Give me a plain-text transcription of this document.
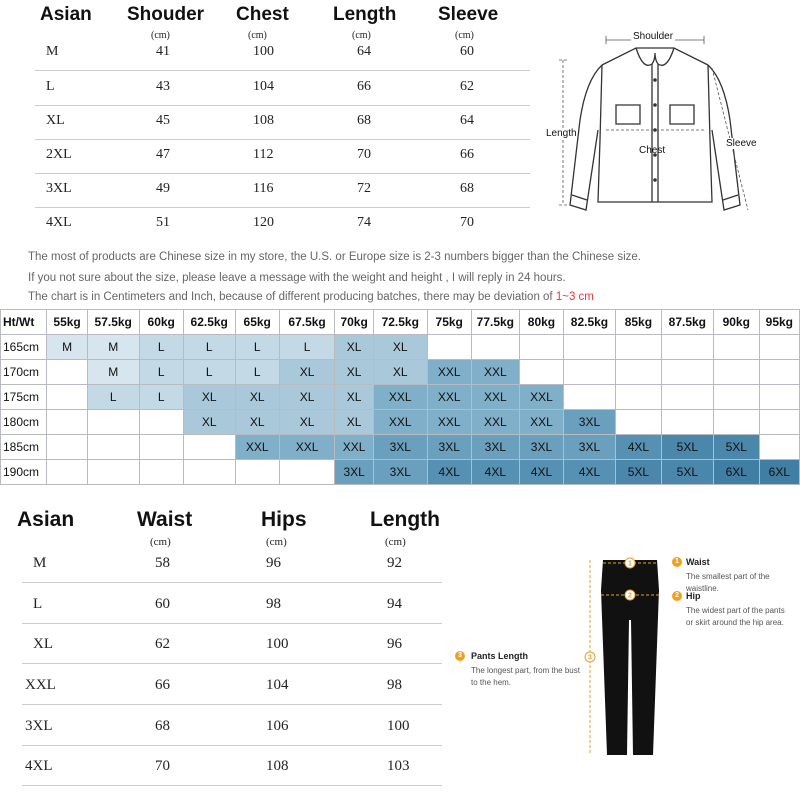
Asian Shouder Chest Length Sleeve
(cm)	(cm)	(cm)	(cm)
M	41	100	64	60
L	43	104	66	62
XL	45	108	68	64
2XL	47	112	70	66
3XL	49	116	72	68
4XL	51	120	74	70
Shoulder
Length
Chest
Sleeve
The most of products are Chinese size in my store, the U.S. or Europe size is 2-3 numbers bigger than the Chinese size.
If you not sure about the size, please leave a message with the weight and height , I will reply in 24 hours.
The chart is in Centimeters and Inch, because of different producing batches, there may be deviation of 1~3 cm
Ht/Wt	55kg	57.5kg	60kg	62.5kg	65kg	67.5kg	70kg	72.5kg	75kg	77.5kg	80kg	82.5kg	85kg	87.5kg	90kg	95kg
165cm	M	M	L	L	L	L	XL	XL								
170cm		M	L	L	L	XL	XL	XL	XXL	XXL						
175cm		L	L	XL	XL	XL	XL	XXL	XXL	XXL	XXL					
180cm				XL	XL	XL	XL	XXL	XXL	XXL	XXL	3XL				
185cm					XXL	XXL	XXL	3XL	3XL	3XL	3XL	3XL	4XL	5XL	5XL	
190cm							3XL	3XL	4XL	4XL	4XL	4XL	5XL	5XL	6XL	6XL
Asian	Waist	Hips	Length
(cm)	(cm)	(cm)
M	58	96	92
L	60	98	94
XL	62	100	96
XXL	66	104	98
3XL	68	106	100
4XL	70	108	103
1
2
3
1 Waist
The smallest part of the waistline.
2 Hip
The widest part of the pants or skirt around the hip area.
3	Pants Length
The longest part, from the bust to the hem.
